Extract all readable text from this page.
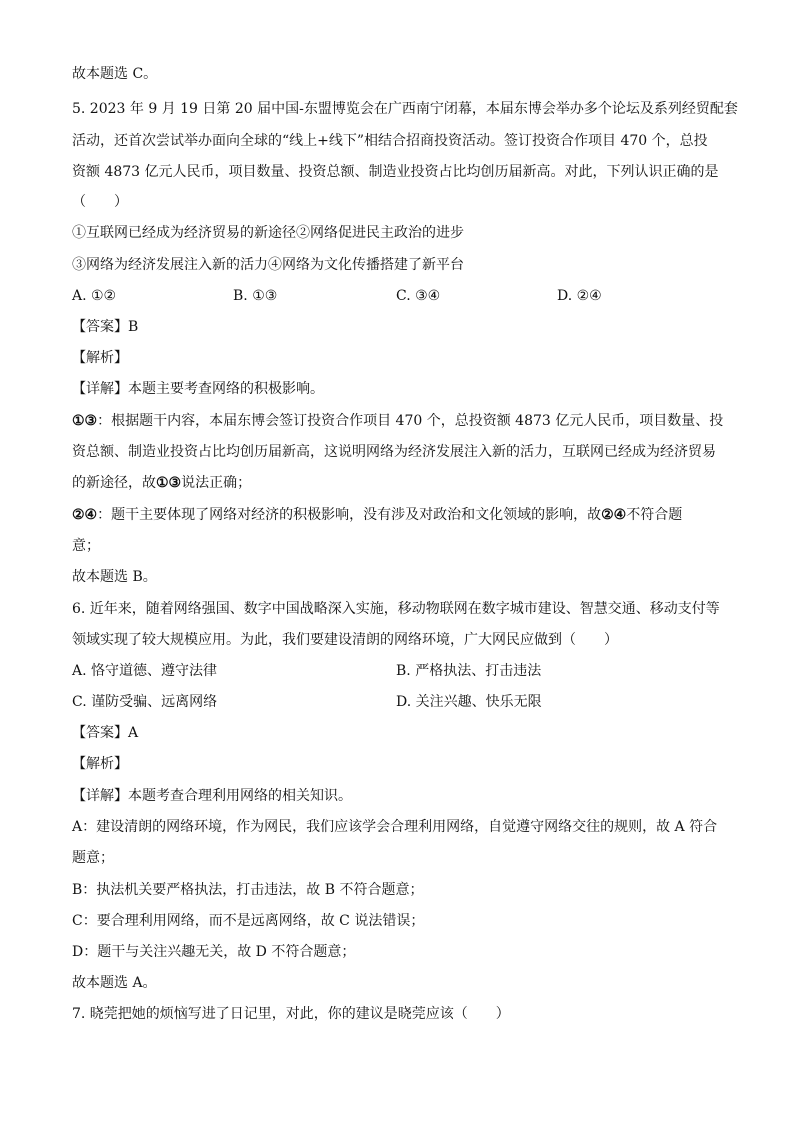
故本题选 C。
5. 2023 年 9 月 19 日第 20 届中国-东盟博览会在广西南宁闭幕，本届东博会举办多个论坛及系列经贸配套
活动，还首次尝试举办面向全球的“线上+线下”相结合招商投资活动。签订投资合作项目 470 个，总投
资额 4873 亿元人民币，项目数量、投资总额、制造业投资占比均创历届新高。对此，下列认识正确的是
（　　）
①互联网已经成为经济贸易的新途径②网络促进民主政治的进步
③网络为经济发展注入新的活力④网络为文化传播搭建了新平台
A. ①②	B. ①③	C. ③④	D. ②④
【答案】B
【解析】
【详解】本题主要考查网络的积极影响。
①③：根据题干内容，本届东博会签订投资合作项目 470 个，总投资额 4873 亿元人民币，项目数量、投
资总额、制造业投资占比均创历届新高，这说明网络为经济发展注入新的活力，互联网已经成为经济贸易
的新途径，故①③说法正确；
②④：题干主要体现了网络对经济的积极影响，没有涉及对政治和文化领域的影响，故②④不符合题
意；
故本题选 B。
6. 近年来，随着网络强国、数字中国战略深入实施，移动物联网在数字城市建设、智慧交通、移动支付等
领域实现了较大规模应用。为此，我们要建设清朗的网络环境，广大网民应做到（　　）
A. 恪守道德、遵守法律	B. 严格执法、打击违法
C. 谨防受骗、远离网络	D. 关注兴趣、快乐无限
【答案】A
【解析】
【详解】本题考查合理利用网络的相关知识。
A：建设清朗的网络环境，作为网民，我们应该学会合理利用网络，自觉遵守网络交往的规则，故 A 符合
题意；
B：执法机关要严格执法，打击违法，故 B 不符合题意；
C：要合理利用网络，而不是远离网络，故 C 说法错误；
D：题干与关注兴趣无关，故 D 不符合题意；
故本题选 A。
7. 晓莞把她的烦恼写进了日记里，对此，你的建议是晓莞应该（　　）
